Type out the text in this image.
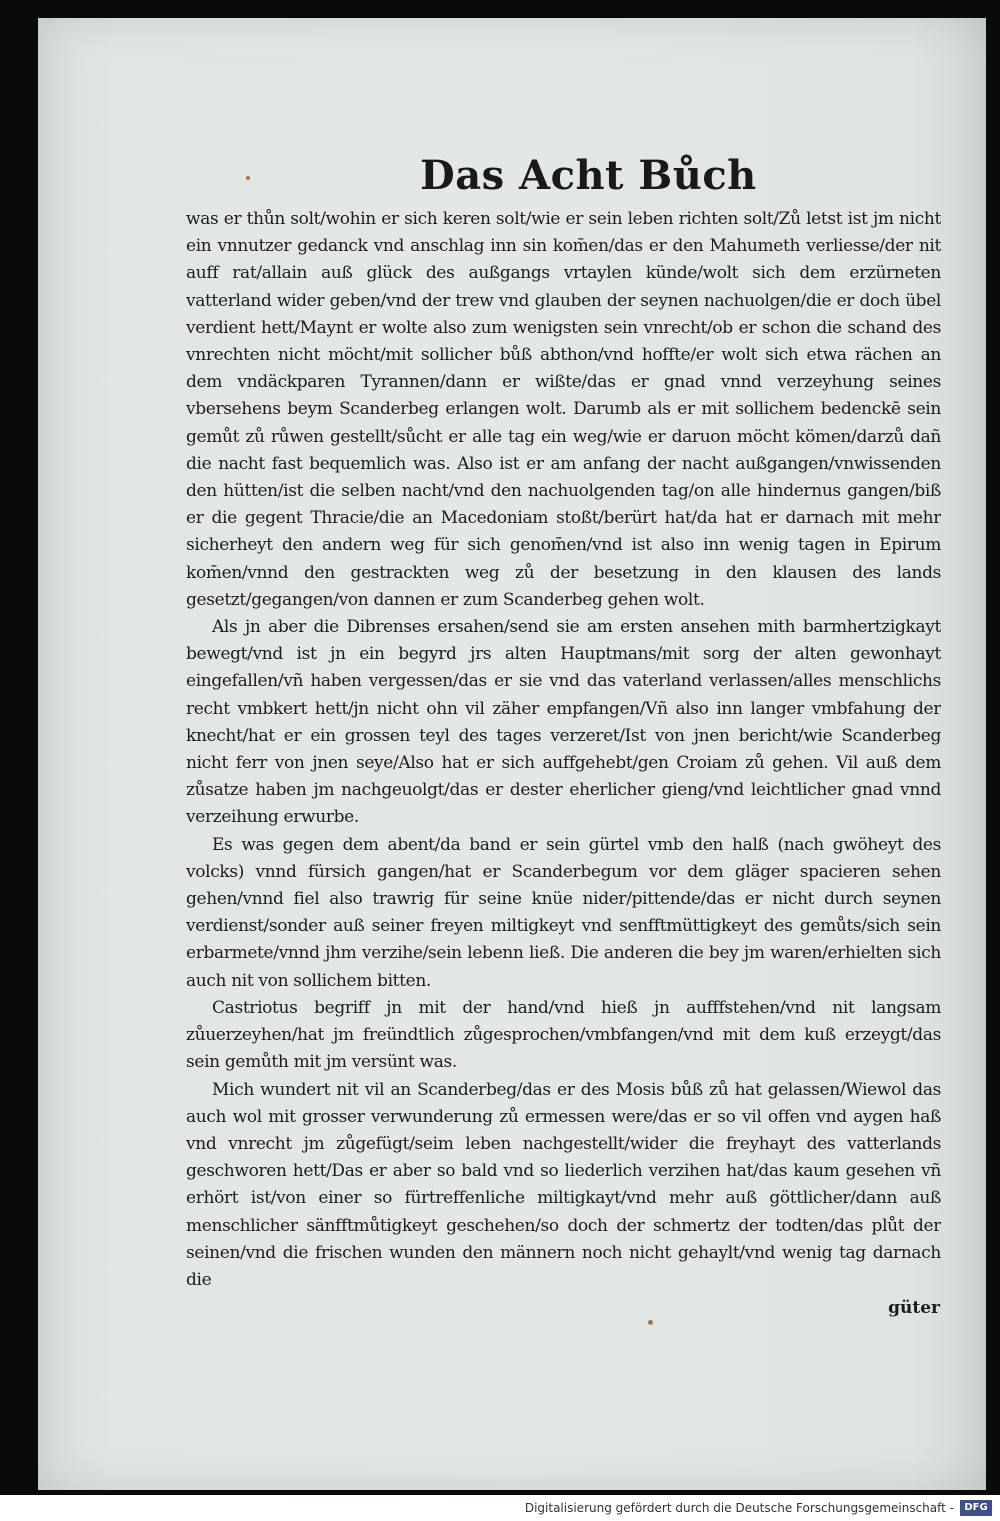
Das Acht Bůch

was er thůn solt/wohin er sich keren solt/wie er sein leben richten solt/Zů letst ist jm nicht ein vnnutzer gedanck vnd anschlag inn sin kom̄en/das er den Mahumeth verliesse/der nit auff rat/allain auß glück des außgangs vrtaylen künde/wolt sich dem erzürneten vatterland wider geben/vnd der trew vnd glauben der seynen nachuolgen/die er doch übel verdient hett/Maynt er wolte also zum wenigsten sein vnrecht/ob er schon die schand des vnrechten nicht möcht/mit sollicher bůß abthon/vnd hoffte/er wolt sich etwa rächen an dem vndäckparen Tyrannen/dann er wißte/das er gnad vnnd verzeyhung seines vbersehens beym Scanderbeg erlangen wolt. Darumb als er mit sollichem bedenckē sein gemůt zů růwen gestellt/sůcht er alle tag ein weg/wie er daruon möcht kömen/darzů dañ die nacht fast bequemlich was. Also ist er am anfang der nacht außgangen/vnwissenden den hütten/ist die selben nacht/vnd den nachuolgenden tag/on alle hindernus gangen/biß er die gegent Thracie/die an Macedoniam stoßt/berürt hat/da hat er darnach mit mehr sicherheyt den andern weg für sich genom̄en/vnd ist also inn wenig tagen in Epirum kom̄en/vnnd den gestrackten weg zů der besetzung in den klausen des lands gesetzt/gegangen/von dannen er zum Scanderbeg gehen wolt.

Als jn aber die Dibrenses ersahen/send sie am ersten ansehen mith barmhertzigkayt bewegt/vnd ist jn ein begyrd jrs alten Hauptmans/mit sorg der alten gewonhayt eingefallen/vñ haben vergessen/das er sie vnd das vaterland verlassen/alles menschlichs recht vmbkert hett/jn nicht ohn vil zäher empfangen/Vñ also inn langer vmbfahung der knecht/hat er ein grossen teyl des tages verzeret/Ist von jnen bericht/wie Scanderbeg nicht ferr von jnen seye/Also hat er sich auffgehebt/gen Croiam zů gehen. Vil auß dem zůsatze haben jm nachgeuolgt/das er dester eherlicher gieng/vnd leichtlicher gnad vnnd verzeihung erwurbe.

Es was gegen dem abent/da band er sein gürtel vmb den halß (nach gwöheyt des volcks) vnnd fürsich gangen/hat er Scanderbegum vor dem gläger spacieren sehen gehen/vnnd fiel also trawrig für seine knüe nider/pittende/das er nicht durch seynen verdienst/sonder auß seiner freyen miltigkeyt vnd senfftmüttigkeyt des gemůts/sich sein erbarmete/vnnd jhm verzihe/sein lebenn ließ. Die anderen die bey jm waren/erhielten sich auch nit von sollichem bitten.

Castriotus begriff jn mit der hand/vnd hieß jn aufffstehen/vnd nit langsam zůuerzeyhen/hat jm freündtlich zůgesprochen/vmbfangen/vnd mit dem kuß erzeygt/das sein gemůth mit jm versünt was.

Mich wundert nit vil an Scanderbeg/das er des Mosis bůß zů hat gelassen/Wiewol das auch wol mit grosser verwunderung zů ermessen were/das er so vil offen vnd aygen haß vnd vnrecht jm zůgefügt/seim leben nachgestellt/wider die freyhayt des vatterlands geschworen hett/Das er aber so bald vnd so liederlich verzihen hat/das kaum gesehen vñ erhört ist/von einer so fürtreffenliche miltigkayt/vnd mehr auß göttlicher/dann auß menschlicher sänfftmůtigkeyt geschehen/so doch der schmertz der todten/das plůt der seinen/vnd die frischen wunden den männern noch nicht gehaylt/vnd wenig tag darnach die

güter
Digitalisierung gefördert durch die Deutsche Forschungsgemeinschaft -	DFG
